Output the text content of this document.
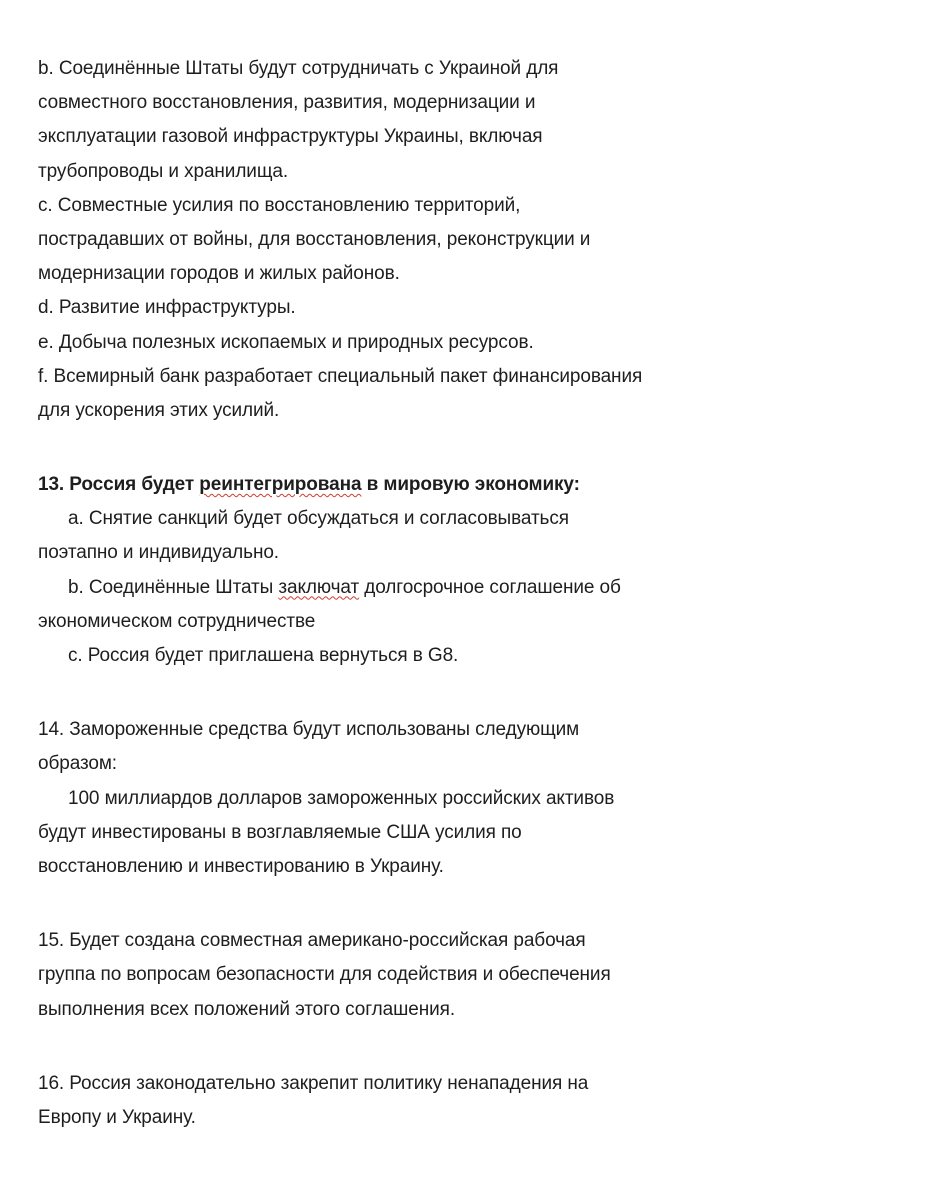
b. Соединённые Штаты будут сотрудничать с Украиной для
совместного восстановления, развития, модернизации и
эксплуатации газовой инфраструктуры Украины, включая
трубопроводы и хранилища.
c. Совместные усилия по восстановлению территорий,
пострадавших от войны, для восстановления, реконструкции и
модернизации городов и жилых районов.
d. Развитие инфраструктуры.
e. Добыча полезных ископаемых и природных ресурсов.
f. Всемирный банк разработает специальный пакет финансирования
для ускорения этих усилий.
13. Россия будет реинтегрирована в мировую экономику:
a. Снятие санкций будет обсуждаться и согласовываться
поэтапно и индивидуально.
b. Соединённые Штаты заключат долгосрочное соглашение об
экономическом сотрудничестве
c. Россия будет приглашена вернуться в G8.
14. Замороженные средства будут использованы следующим
образом:
100 миллиардов долларов замороженных российских активов
будут инвестированы в возглавляемые США усилия по
восстановлению и инвестированию в Украину.
15. Будет создана совместная американо-российская рабочая
группа по вопросам безопасности для содействия и обеспечения
выполнения всех положений этого соглашения.
16. Россия законодательно закрепит политику ненападения на
Европу и Украину.
